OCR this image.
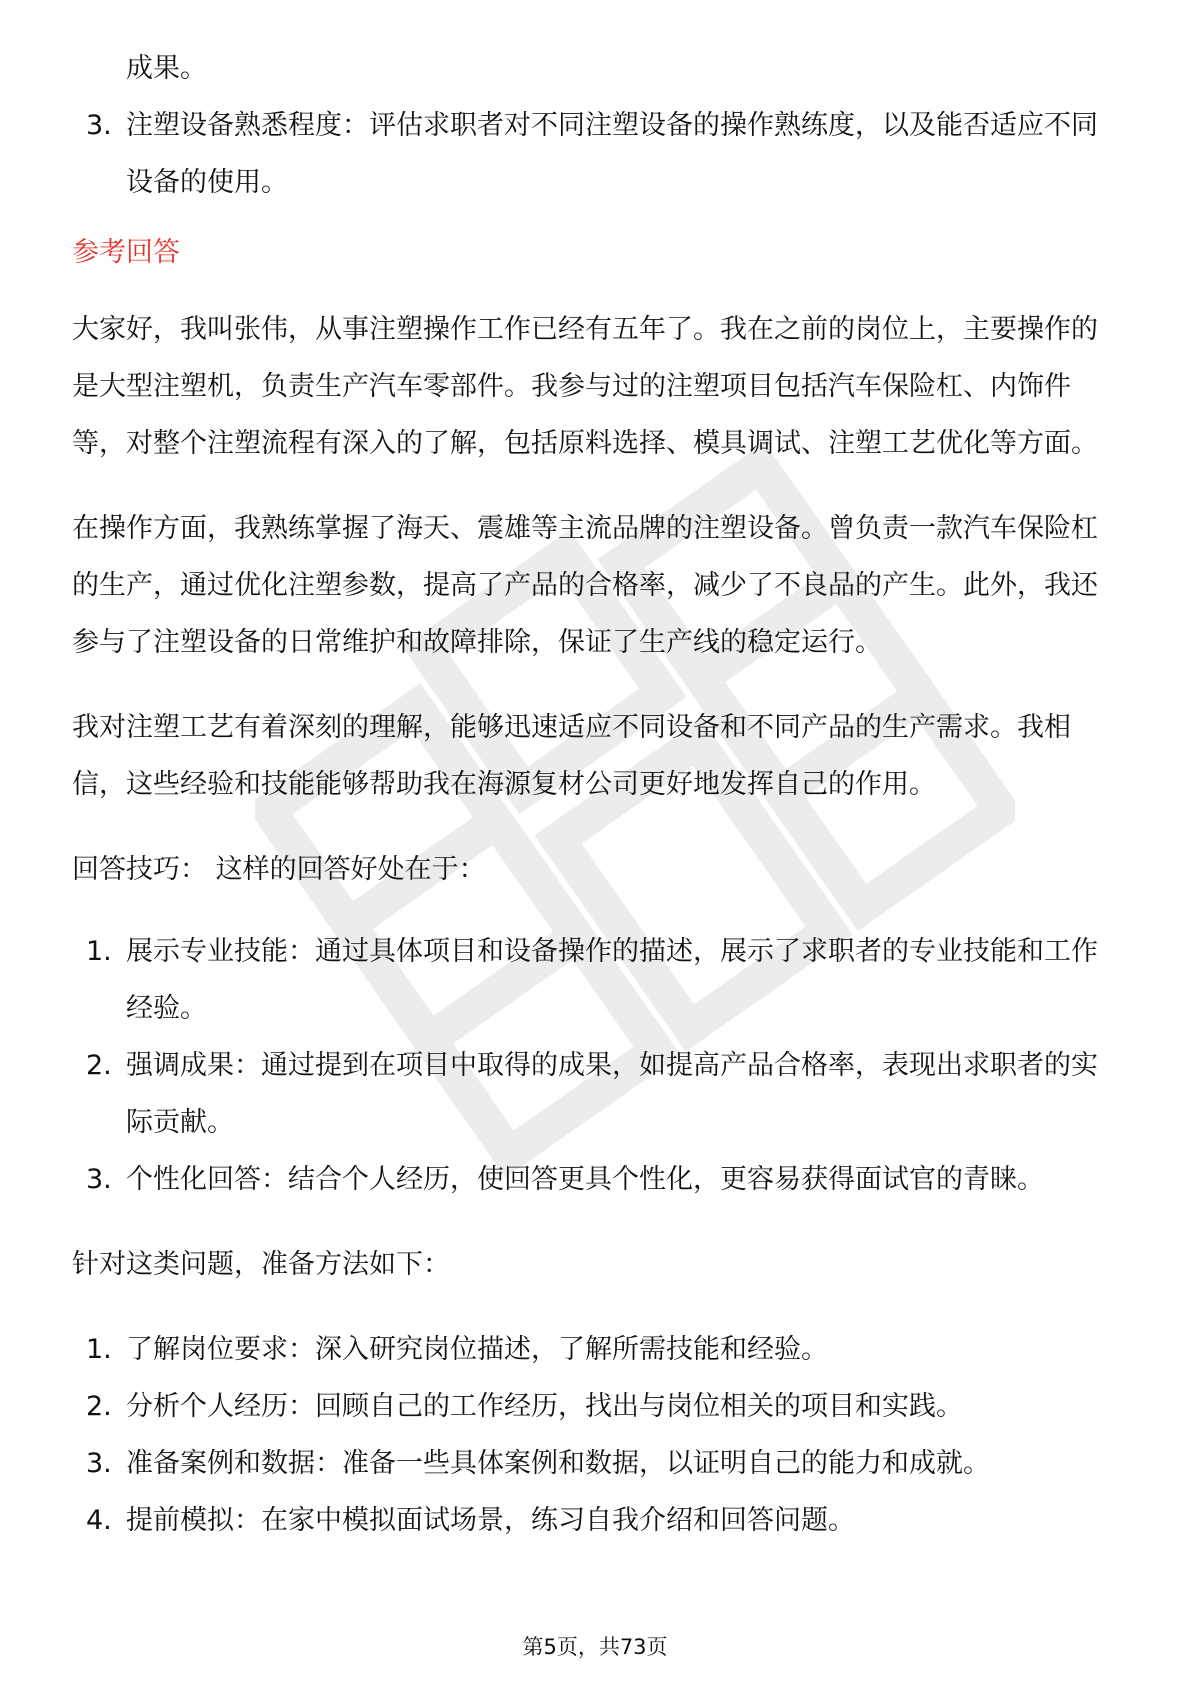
成果。
3. 注塑设备熟悉程度：评估求职者对不同注塑设备的操作熟练度，以及能否适应不同设备的使用。
参考回答

大家好，我叫张伟，从事注塑操作工作已经有五年了。我在之前的岗位上，主要操作的是大型注塑机，负责生产汽车零部件。我参与过的注塑项目包括汽车保险杠、内饰件等，对整个注塑流程有深入的了解，包括原料选择、模具调试、注塑工艺优化等方面。

在操作方面，我熟练掌握了海天、震雄等主流品牌的注塑设备。曾负责一款汽车保险杠的生产，通过优化注塑参数，提高了产品的合格率，减少了不良品的产生。此外，我还参与了注塑设备的日常维护和故障排除，保证了生产线的稳定运行。

我对注塑工艺有着深刻的理解，能够迅速适应不同设备和不同产品的生产需求。我相信，这些经验和技能能够帮助我在海源复材公司更好地发挥自己的作用。

回答技巧： 这样的回答好处在于：

1. 展示专业技能：通过具体项目和设备操作的描述，展示了求职者的专业技能和工作经验。
2. 强调成果：通过提到在项目中取得的成果，如提高产品合格率，表现出求职者的实际贡献。
3. 个性化回答：结合个人经历，使回答更具个性化，更容易获得面试官的青睐。

针对这类问题，准备方法如下：

1. 了解岗位要求：深入研究岗位描述，了解所需技能和经验。
2. 分析个人经历：回顾自己的工作经历，找出与岗位相关的项目和实践。
3. 准备案例和数据：准备一些具体案例和数据，以证明自己的能力和成就。
4. 提前模拟：在家中模拟面试场景，练习自我介绍和回答问题。
第5页，共73页
